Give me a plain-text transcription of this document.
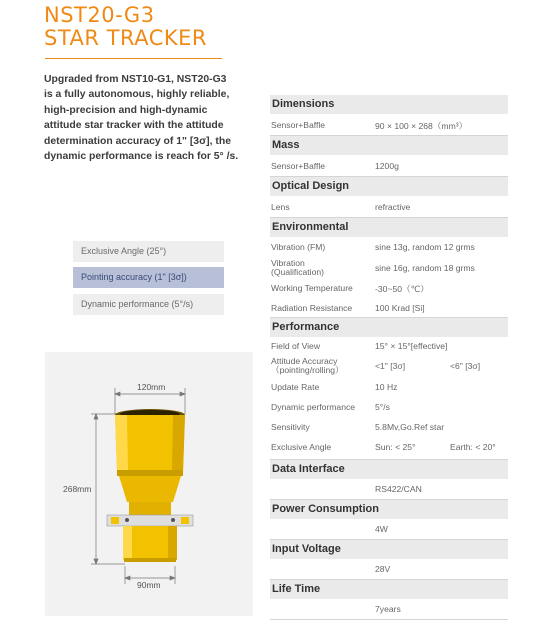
NST20-G3
STAR TRACKER
Upgraded from NST10-G1, NST20-G3
is a fully autonomous, highly reliable,
high-precision and high-dynamic
attitude star tracker with the attitude
determination accuracy of 1" [3σ], the
dynamic performance is reach for 5° /s.
Exclusive Angle (25°)
Pointing accuracy (1" [3σ])
Dynamic performance (5°/s)
120mm
268mm
90mm
Dimensions
Sensor+Baffle	90 × 100 × 268（mm³）
Mass
Sensor+Baffle	1200g
Optical Design
Lens	refractive
Environmental
Vibration (FM)	sine 13g, random 12 grms
Vibration
(Qualification)	sine 16g, random 18 grms
Working Temperature	-30~50（℃）
Radiation Resistance	100 Krad [Si]
Performance
Field of View	15° × 15°[effective]
Attitude Accuracy
（pointing/rolling）	<1" [3σ]	<6" [3σ]
Update Rate	10 Hz
Dynamic performance 5°/s
Sensitivity	5.8Mv,Go.Ref star
Exclusive Angle	Sun: < 25°	Earth: < 20°
Data Interface
RS422/CAN
Power Consumption
4W
Input Voltage
28V
Life Time
7years
